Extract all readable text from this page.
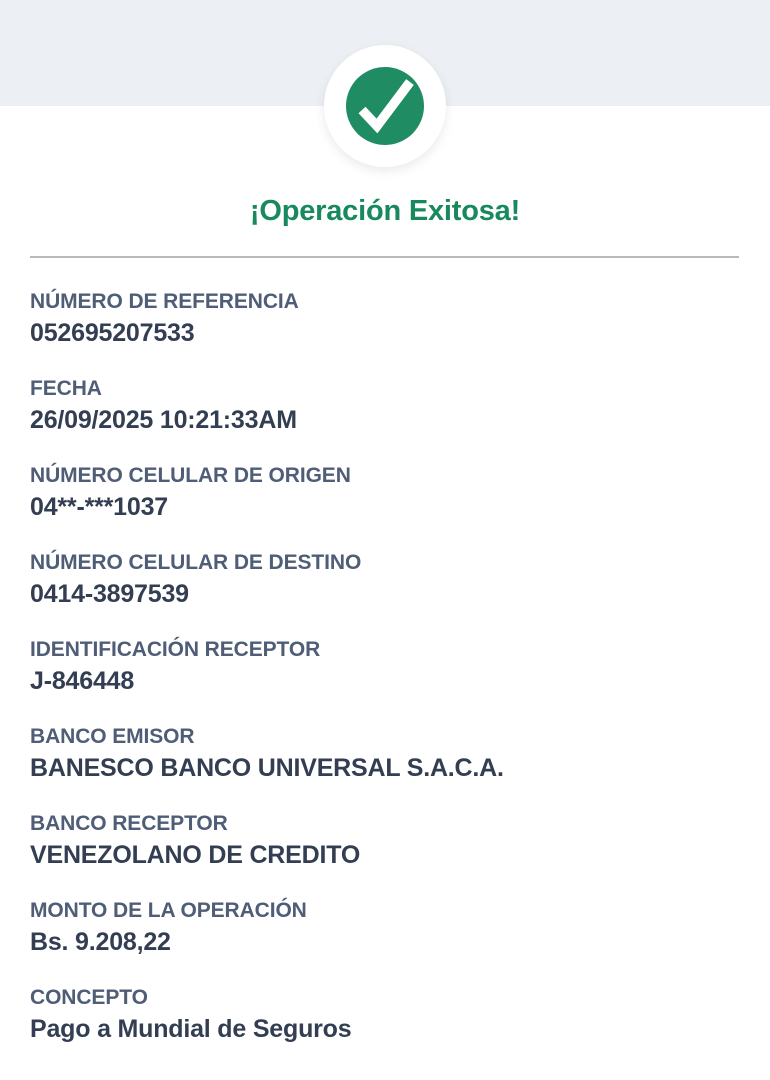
¡Operación Exitosa!
NÚMERO DE REFERENCIA
052695207533
FECHA
26/09/2025 10:21:33AM
NÚMERO CELULAR DE ORIGEN
04**-***1037
NÚMERO CELULAR DE DESTINO
0414-3897539
IDENTIFICACIÓN RECEPTOR
J-846448
BANCO EMISOR
BANESCO BANCO UNIVERSAL S.A.C.A.
BANCO RECEPTOR
VENEZOLANO DE CREDITO
MONTO DE LA OPERACIÓN
Bs. 9.208,22
CONCEPTO
Pago a Mundial de Seguros
